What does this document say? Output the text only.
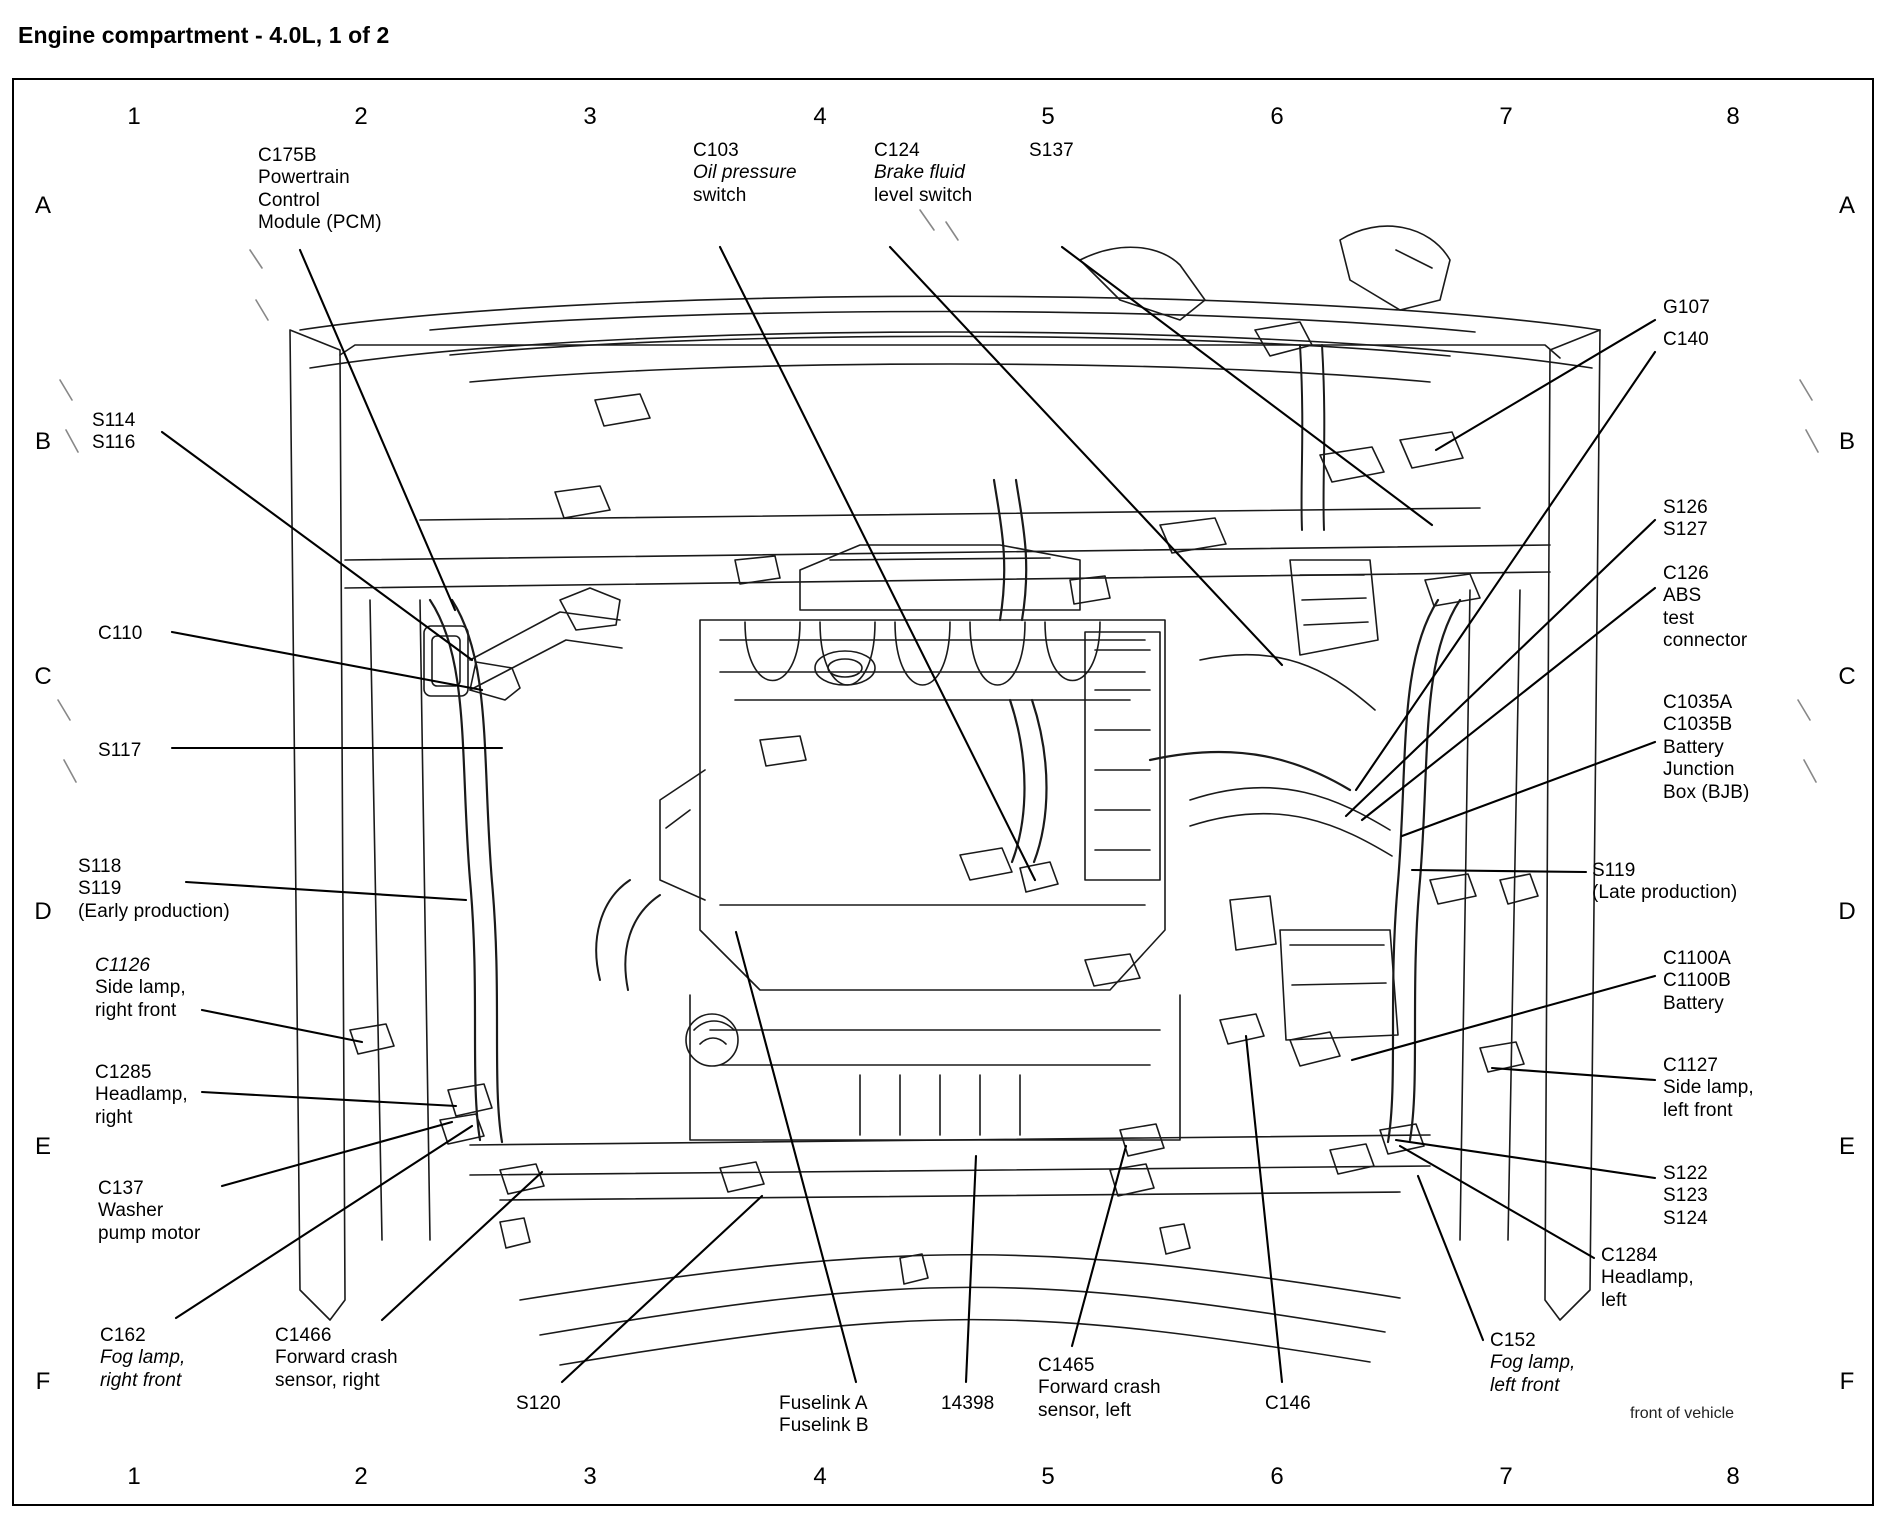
Engine compartment - 4.0L, 1 of 2
1	2	3	4	5	6	7	8
1	2	3	4	5	6	7	8
A
B
C
D
E
F
A
B
C
D
E
F
C175B
Powertrain
Control
Module (PCM)
C103
Oil pressure
switch
C124
Brake fluid
level switch
S137
G107
C140
S126
S127
C126
ABS
test
connector
C1035A
C1035B
Battery
Junction
Box (BJB)
S119
(Late production)
C1100A
C1100B
Battery
C1127
Side lamp,
left front
S122
S123
S124
C1284
Headlamp,
left
C152
Fog lamp,
left front
C146
C1465
Forward crash
sensor, left
14398
Fuselink A
Fuselink B
S120
C1466
Forward crash
sensor, right
C162
Fog lamp,
right front
C137
Washer
pump motor
C1285
Headlamp,
right
C1126
Side lamp,
right front
S118
S119
(Early production)
S117
C110
S114
S116
front of vehicle
